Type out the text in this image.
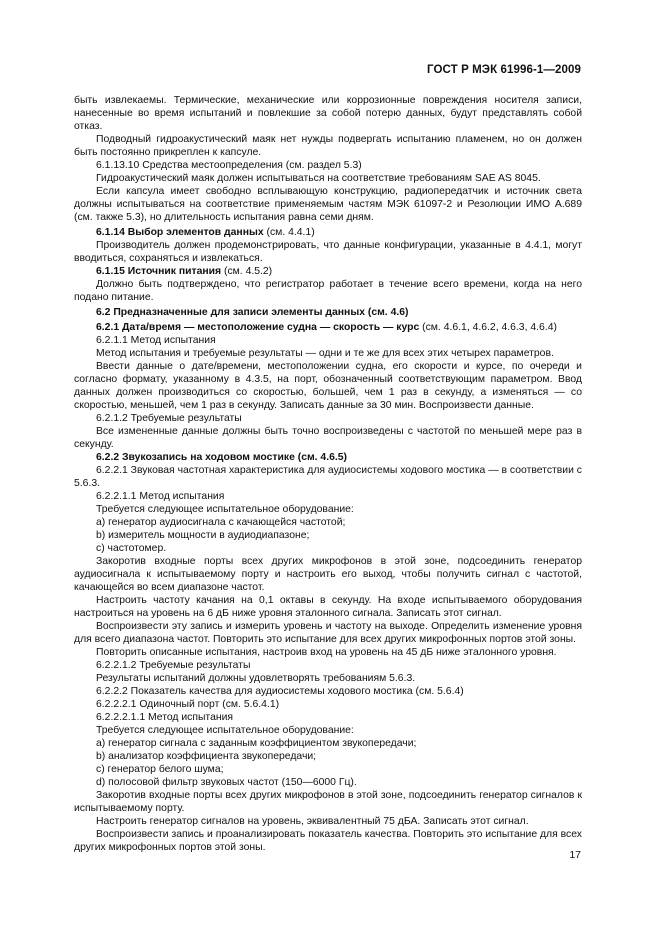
ГОСТ Р МЭК 61996-1—2009

быть извлекаемы. Термические, механические или коррозионные повреждения носителя записи, нанесенные во время испытаний и повлекшие за собой потерю данных, будут представлять собой отказ.

Подводный гидроакустический маяк нет нужды подвергать испытанию пламенем, но он должен быть постоянно прикреплен к капсуле.

6.1.13.10 Средства местоопределения (см. раздел 5.3)

Гидроакустический маяк должен испытываться на соответствие требованиям SAE AS 8045.

Если капсула имеет свободно всплывающую конструкцию, радиопередатчик и источник света должны испытываться на соответствие применяемым частям МЭК 61097-2 и Резолюции ИМО А.689 (см. также 5.3), но длительность испытания равна семи дням.

6.1.14 Выбор элементов данных (см. 4.4.1)

Производитель должен продемонстрировать, что данные конфигурации, указанные в 4.4.1, могут вводиться, сохраняться и извлекаться.

6.1.15 Источник питания (см. 4.5.2)

Должно быть подтверждено, что регистратор работает в течение всего времени, когда на него подано питание.

6.2 Предназначенные для записи элементы данных (см. 4.6)

6.2.1 Дата/время — местоположение судна — скорость — курс (см. 4.6.1, 4.6.2, 4.6.3, 4.6.4)

6.2.1.1 Метод испытания

Метод испытания и требуемые результаты — одни и те же для всех этих четырех параметров.

Ввести данные о дате/времени, местоположении судна, его скорости и курсе, по очереди и согласно формату, указанному в 4.3.5, на порт, обозначенный соответствующим параметром. Ввод данных должен производиться со скоростью, большей, чем 1 раз в секунду, а изменяться — со скоростью, меньшей, чем 1 раз в секунду. Записать данные за 30 мин. Воспроизвести данные.

6.2.1.2 Требуемые результаты

Все измененные данные должны быть точно воспроизведены с частотой по меньшей мере раз в секунду.

6.2.2 Звукозапись на ходовом мостике (см. 4.6.5)

6.2.2.1 Звуковая частотная характеристика для аудиосистемы ходового мостика — в соответствии с 5.6.3.

6.2.2.1.1 Метод испытания

Требуется следующее испытательное оборудование:

a) генератор аудиосигнала с качающейся частотой;

b) измеритель мощности в аудиодиапазоне;

c) частотомер.

Закоротив входные порты всех других микрофонов в этой зоне, подсоединить генератор аудиосигнала к испытываемому порту и настроить его выход, чтобы получить сигнал с частотой, качающейся во всем диапазоне частот.

Настроить частоту качания на 0,1 октавы в секунду. На входе испытываемого оборудования настроиться на уровень на 6 дБ ниже уровня эталонного сигнала. Записать этот сигнал.

Воспроизвести эту запись и измерить уровень и частоту на выходе. Определить изменение уровня для всего диапазона частот. Повторить это испытание для всех других микрофонных портов этой зоны.

Повторить описанные испытания, настроив вход на уровень на 45 дБ ниже эталонного уровня.

6.2.2.1.2 Требуемые результаты

Результаты испытаний должны удовлетворять требованиям 5.6.3.

6.2.2.2 Показатель качества для аудиосистемы ходового мостика (см. 5.6.4)

6.2.2.2.1 Одиночный порт (см. 5.6.4.1)

6.2.2.2.1.1 Метод испытания

Требуется следующее испытательное оборудование:

a) генератор сигнала с заданным коэффициентом звукопередачи;

b) анализатор коэффициента звукопередачи;

c) генератор белого шума;

d) полосовой фильтр звуковых частот (150—6000 Гц).

Закоротив входные порты всех других микрофонов в этой зоне, подсоединить генератор сигналов к испытываемому порту.

Настроить генератор сигналов на уровень, эквивалентный 75 дБА. Записать этот сигнал.

Воспроизвести запись и проанализировать показатель качества. Повторить это испытание для всех других микрофонных портов этой зоны.

17
